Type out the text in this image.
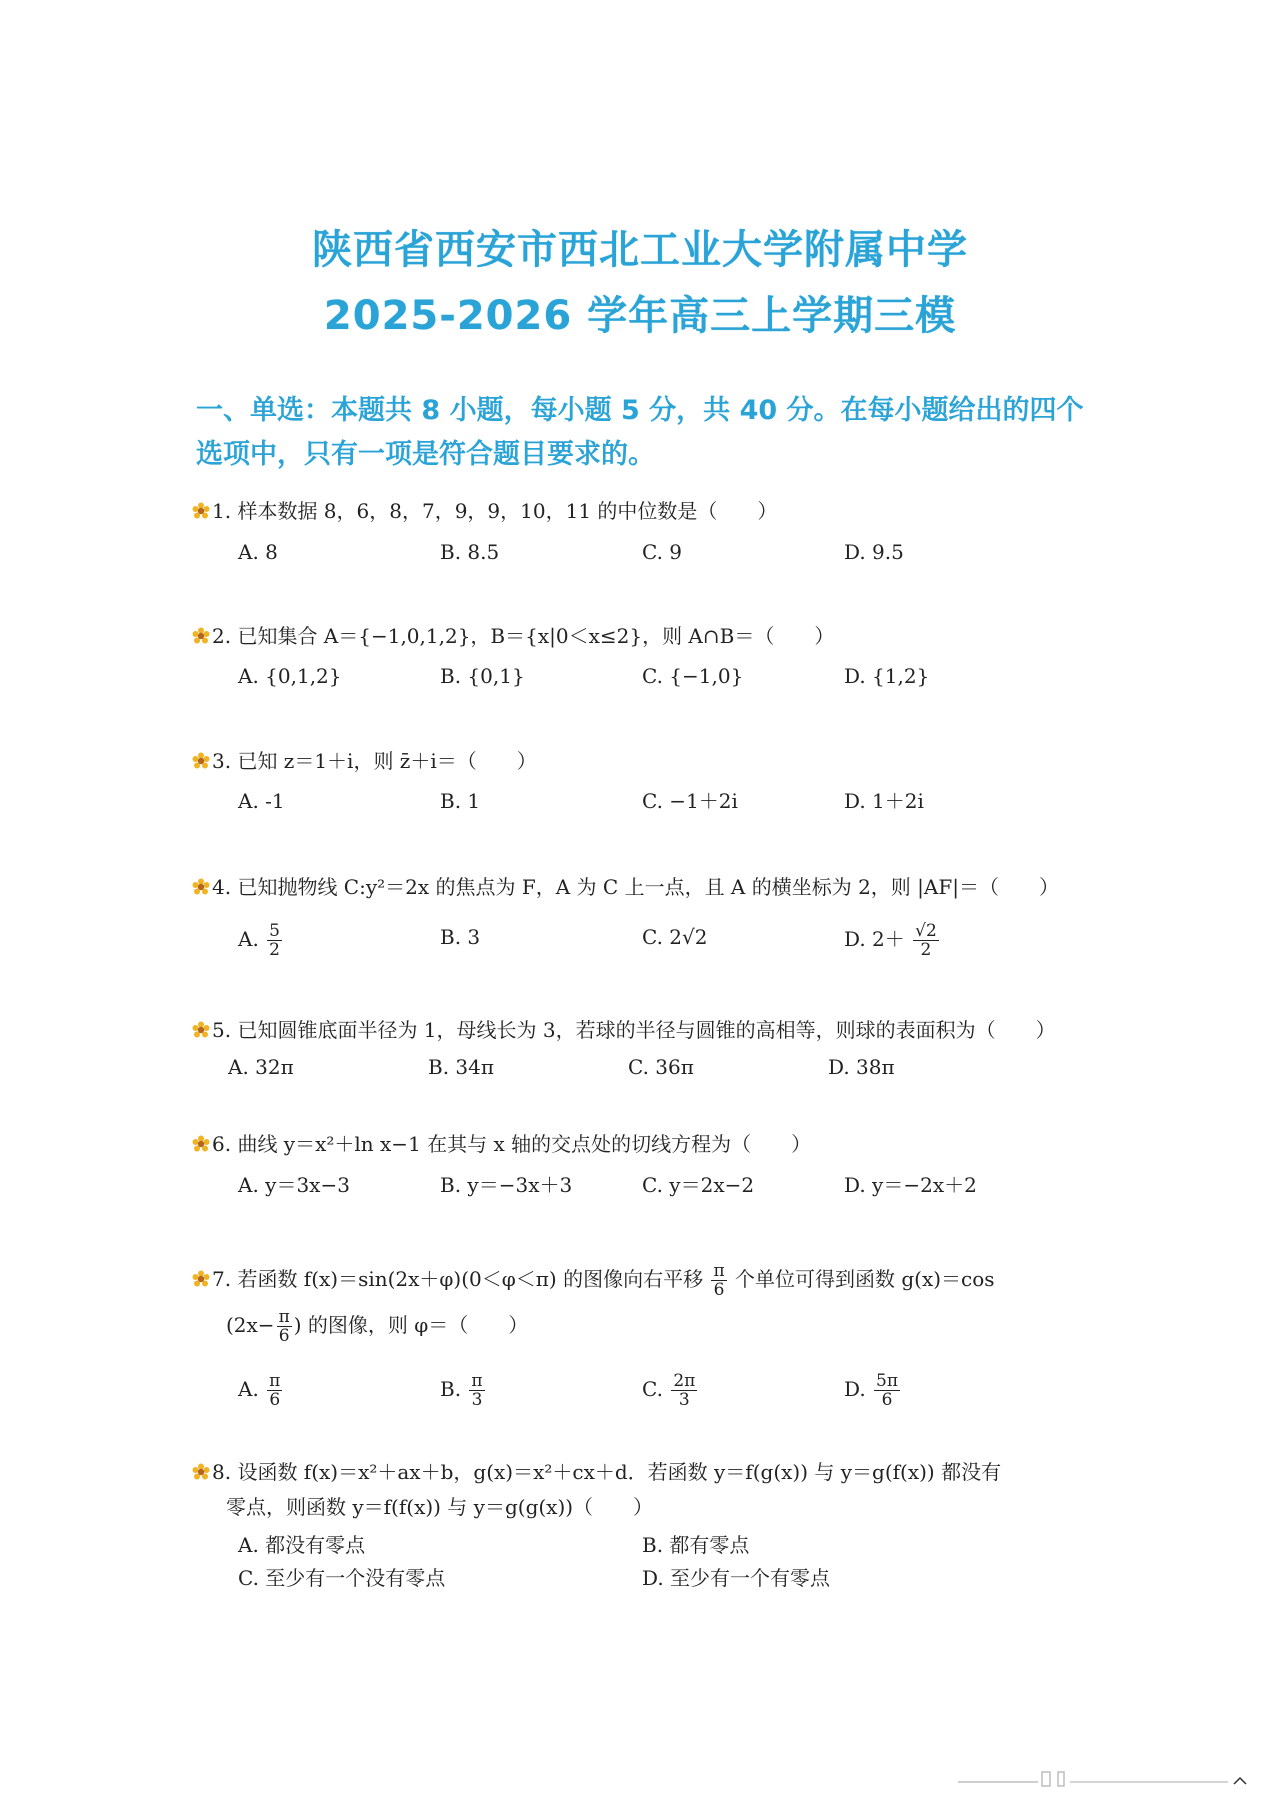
陕西省西安市西北工业大学附属中学
2025-2026 学年高三上学期三模
一、单选：本题共 8 小题，每小题 5 分，共 40 分。在每小题给出的四个
选项中，只有一项是符合题目要求的。
1. 样本数据 8，6，8，7，9，9，10，11 的中位数是（　　）
A. 8	B. 8.5	C. 9	D. 9.5
2. 已知集合 A＝{−1,0,1,2}，B＝{x|0＜x≤2}，则 A∩B＝（　　）
A. {0,1,2}	B. {0,1}	C. {−1,0}	D. {1,2}
3. 已知 z＝1＋i，则 z̄＋i＝（　　）
A. -1	B. 1	C. −1＋2i	D. 1＋2i
4. 已知抛物线 C:y²＝2x 的焦点为 F，A 为 C 上一点，且 A 的横坐标为 2，则 |AF|＝（　　）
A. $\frac{5}{2}$	B. 3	C. 2√2	D. $2+ \frac{√2}{2}$
5. 已知圆锥底面半径为 1，母线长为 3，若球的半径与圆锥的高相等，则球的表面积为（　　）
A. 32π	B. 34π	C. 36π	D. 38π
6. 曲线 y＝x²＋ln x−1 在其与 x 轴的交点处的切线方程为（　　）
A. y＝3x−3	B. y＝−3x＋3	C. y＝2x−2	D. y＝−2x＋2
7. 若函数 f(x)＝sin(2x＋φ)(0＜φ＜π) 的图像向右平移 $\frac{\pi}{6}$ 个单位可得到函数 g(x)＝cos
($2x- \frac{\pi}{6}$ ) 的图像，则 φ＝（　　）
A. $\frac{\pi}{6}$	B. $\frac{\pi}{3}$	C. $\frac{2\pi}{3}$	D. $\frac{5\pi}{6}$
8. 设函数 f(x)＝x²＋ax＋b，g(x)＝x²＋cx＋d．若函数 y＝f(g(x)) 与 y＝g(f(x)) 都没有
零点，则函数 y＝f(f(x)) 与 y＝g(g(x))（　　）
A. 都没有零点	B. 都有零点
C. 至少有一个没有零点	D. 至少有一个有零点
